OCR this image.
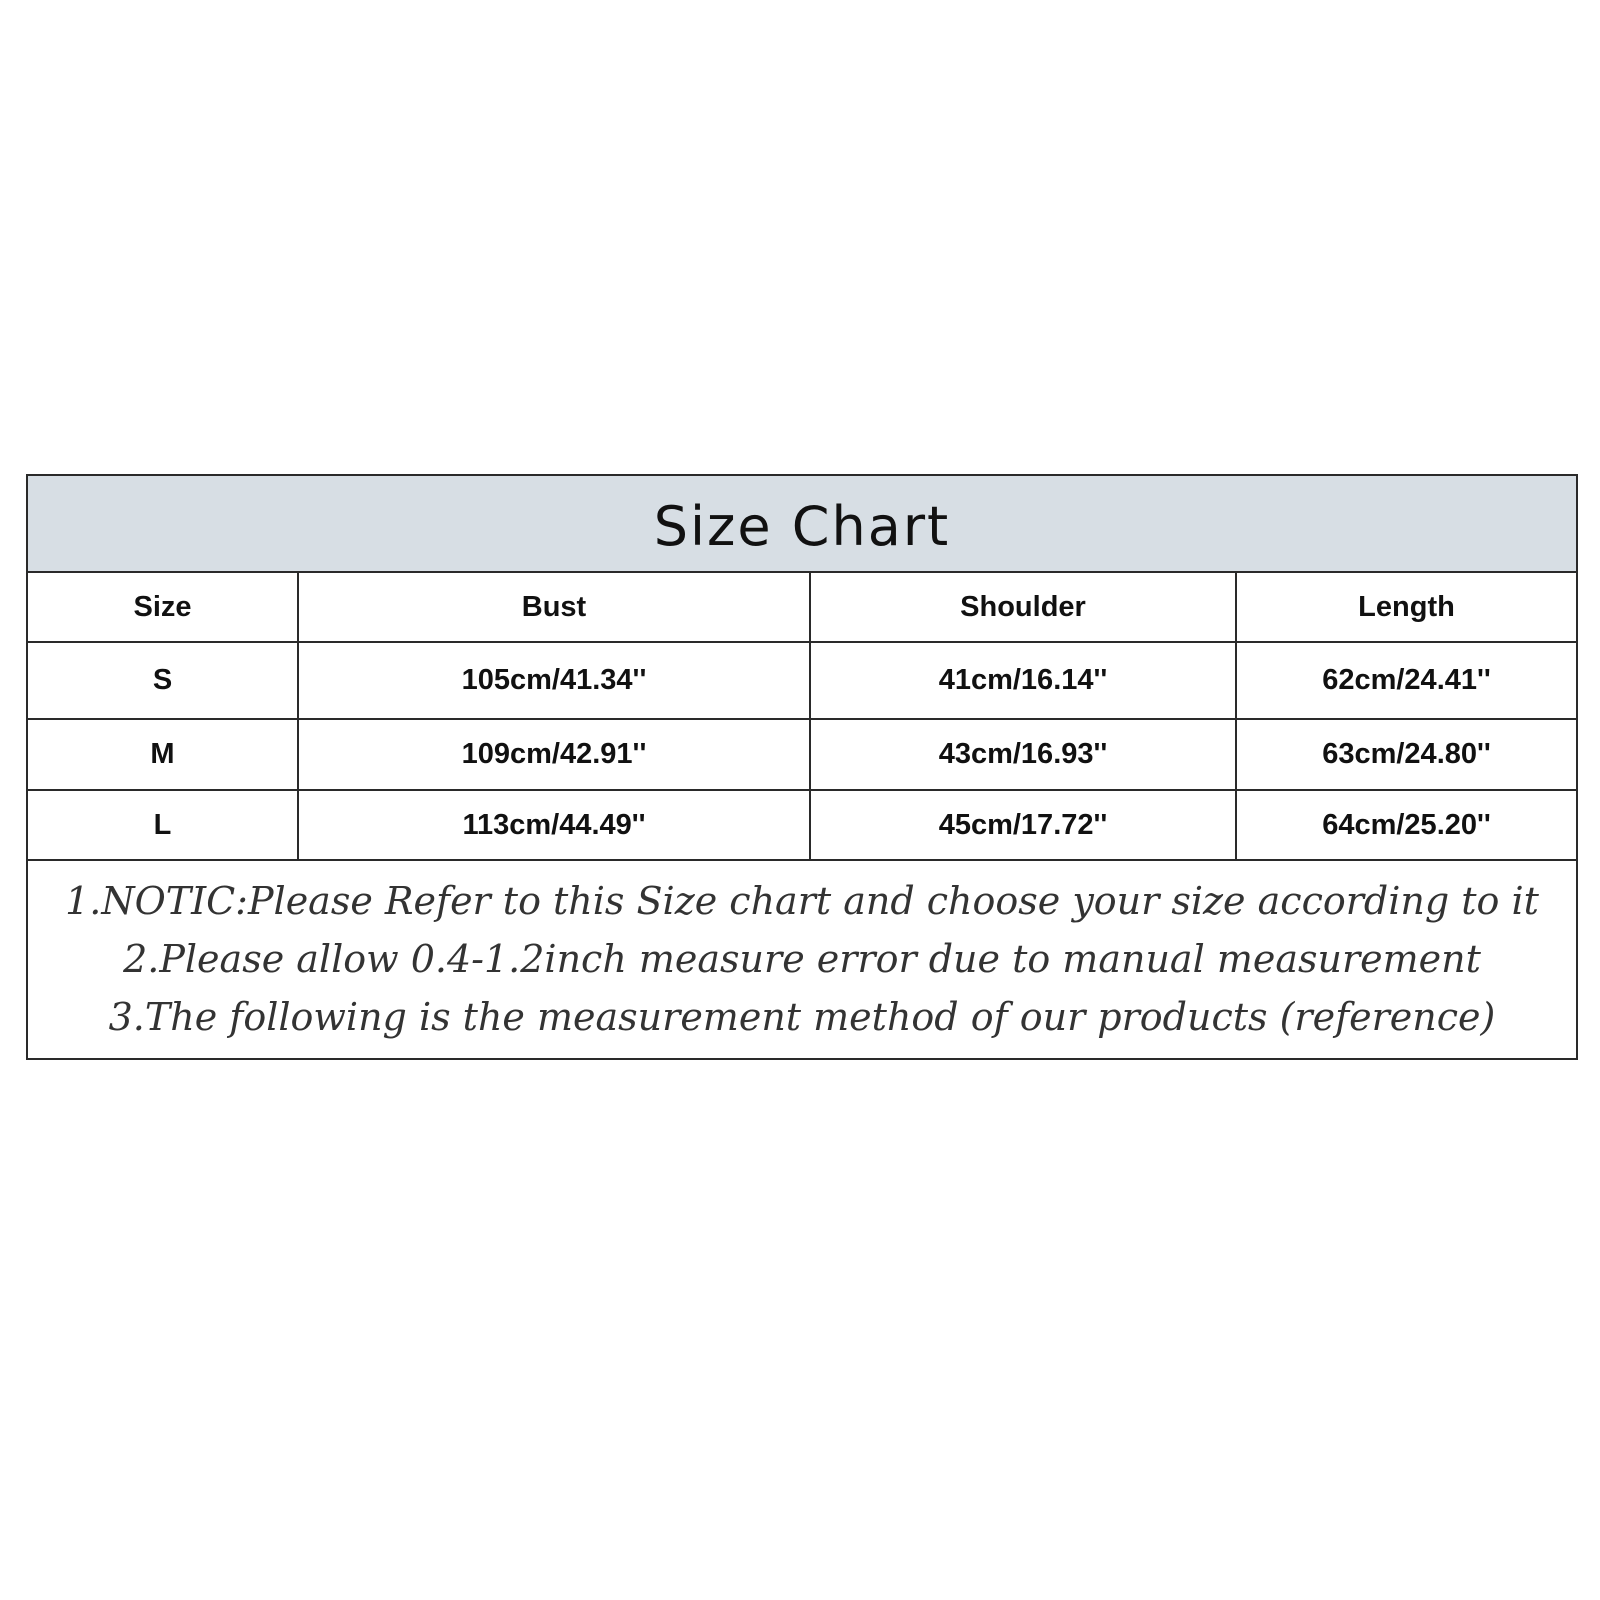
Size Chart
Size	Bust	Shoulder	Length
S	105cm/41.34''	41cm/16.14''	62cm/24.41''
M	109cm/42.91''	43cm/16.93''	63cm/24.80''
L	113cm/44.49''	45cm/17.72''	64cm/25.20''
1.NOTIC:Please Refer to this Size chart and choose your size according to it
2.Please allow 0.4-1.2inch measure error due to manual measurement
3.The following is the measurement method of our products (reference)
